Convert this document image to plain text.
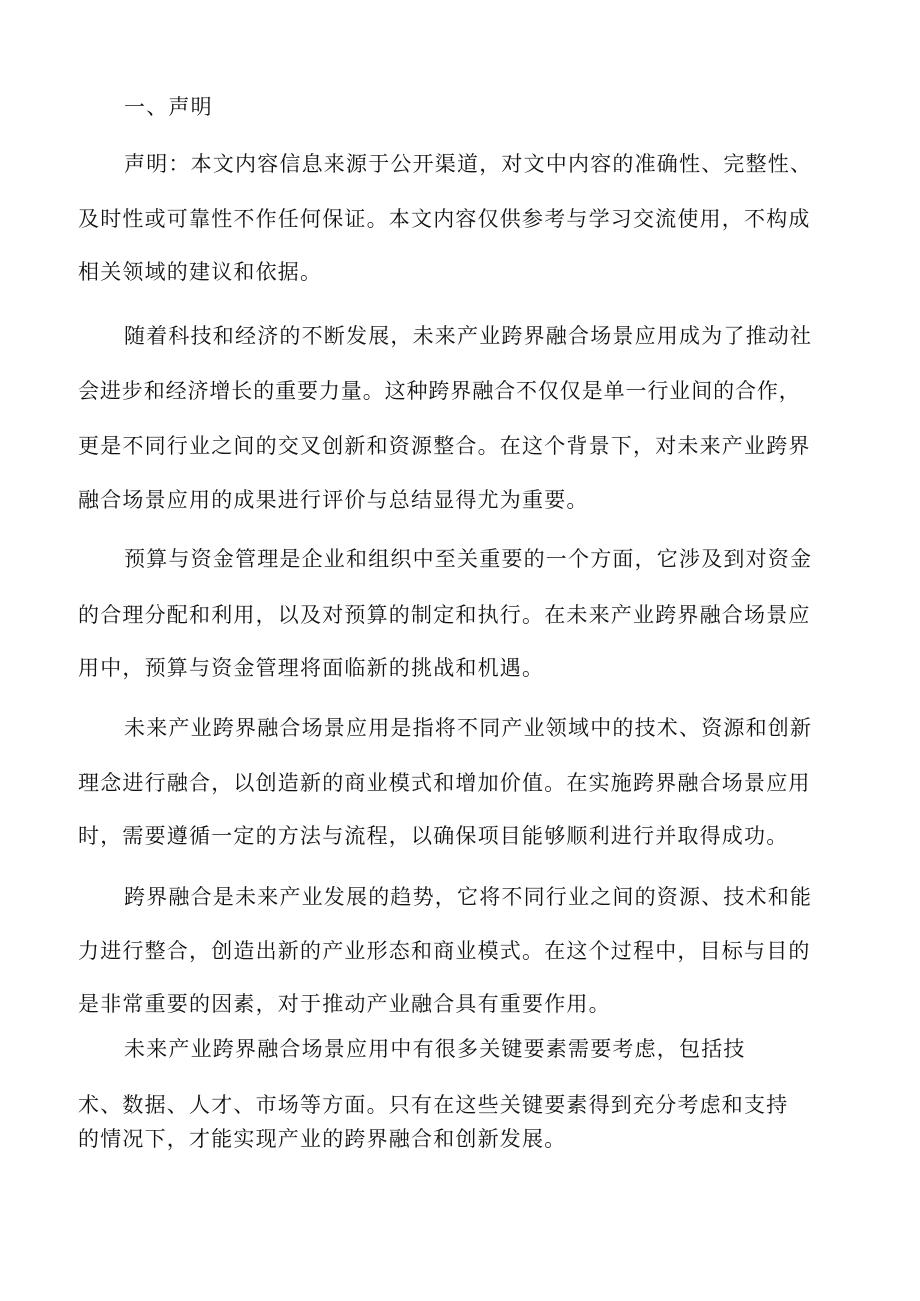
一、声明
声明：本文内容信息来源于公开渠道，对文中内容的准确性、完整性、
及时性或可靠性不作任何保证。本文内容仅供参考与学习交流使用，不构成
相关领域的建议和依据。
随着科技和经济的不断发展，未来产业跨界融合场景应用成为了推动社
会进步和经济增长的重要力量。这种跨界融合不仅仅是单一行业间的合作，
更是不同行业之间的交叉创新和资源整合。在这个背景下，对未来产业跨界
融合场景应用的成果进行评价与总结显得尤为重要。
预算与资金管理是企业和组织中至关重要的一个方面，它涉及到对资金
的合理分配和利用，以及对预算的制定和执行。在未来产业跨界融合场景应
用中，预算与资金管理将面临新的挑战和机遇。
未来产业跨界融合场景应用是指将不同产业领域中的技术、资源和创新
理念进行融合，以创造新的商业模式和增加价值。在实施跨界融合场景应用
时，需要遵循一定的方法与流程，以确保项目能够顺利进行并取得成功。
跨界融合是未来产业发展的趋势，它将不同行业之间的资源、技术和能
力进行整合，创造出新的产业形态和商业模式。在这个过程中，目标与目的
是非常重要的因素，对于推动产业融合具有重要作用。
未来产业跨界融合场景应用中有很多关键要素需要考虑，包括技
术、数据、人才、市场等方面。只有在这些关键要素得到充分考虑和支持
的情况下，才能实现产业的跨界融合和创新发展。
